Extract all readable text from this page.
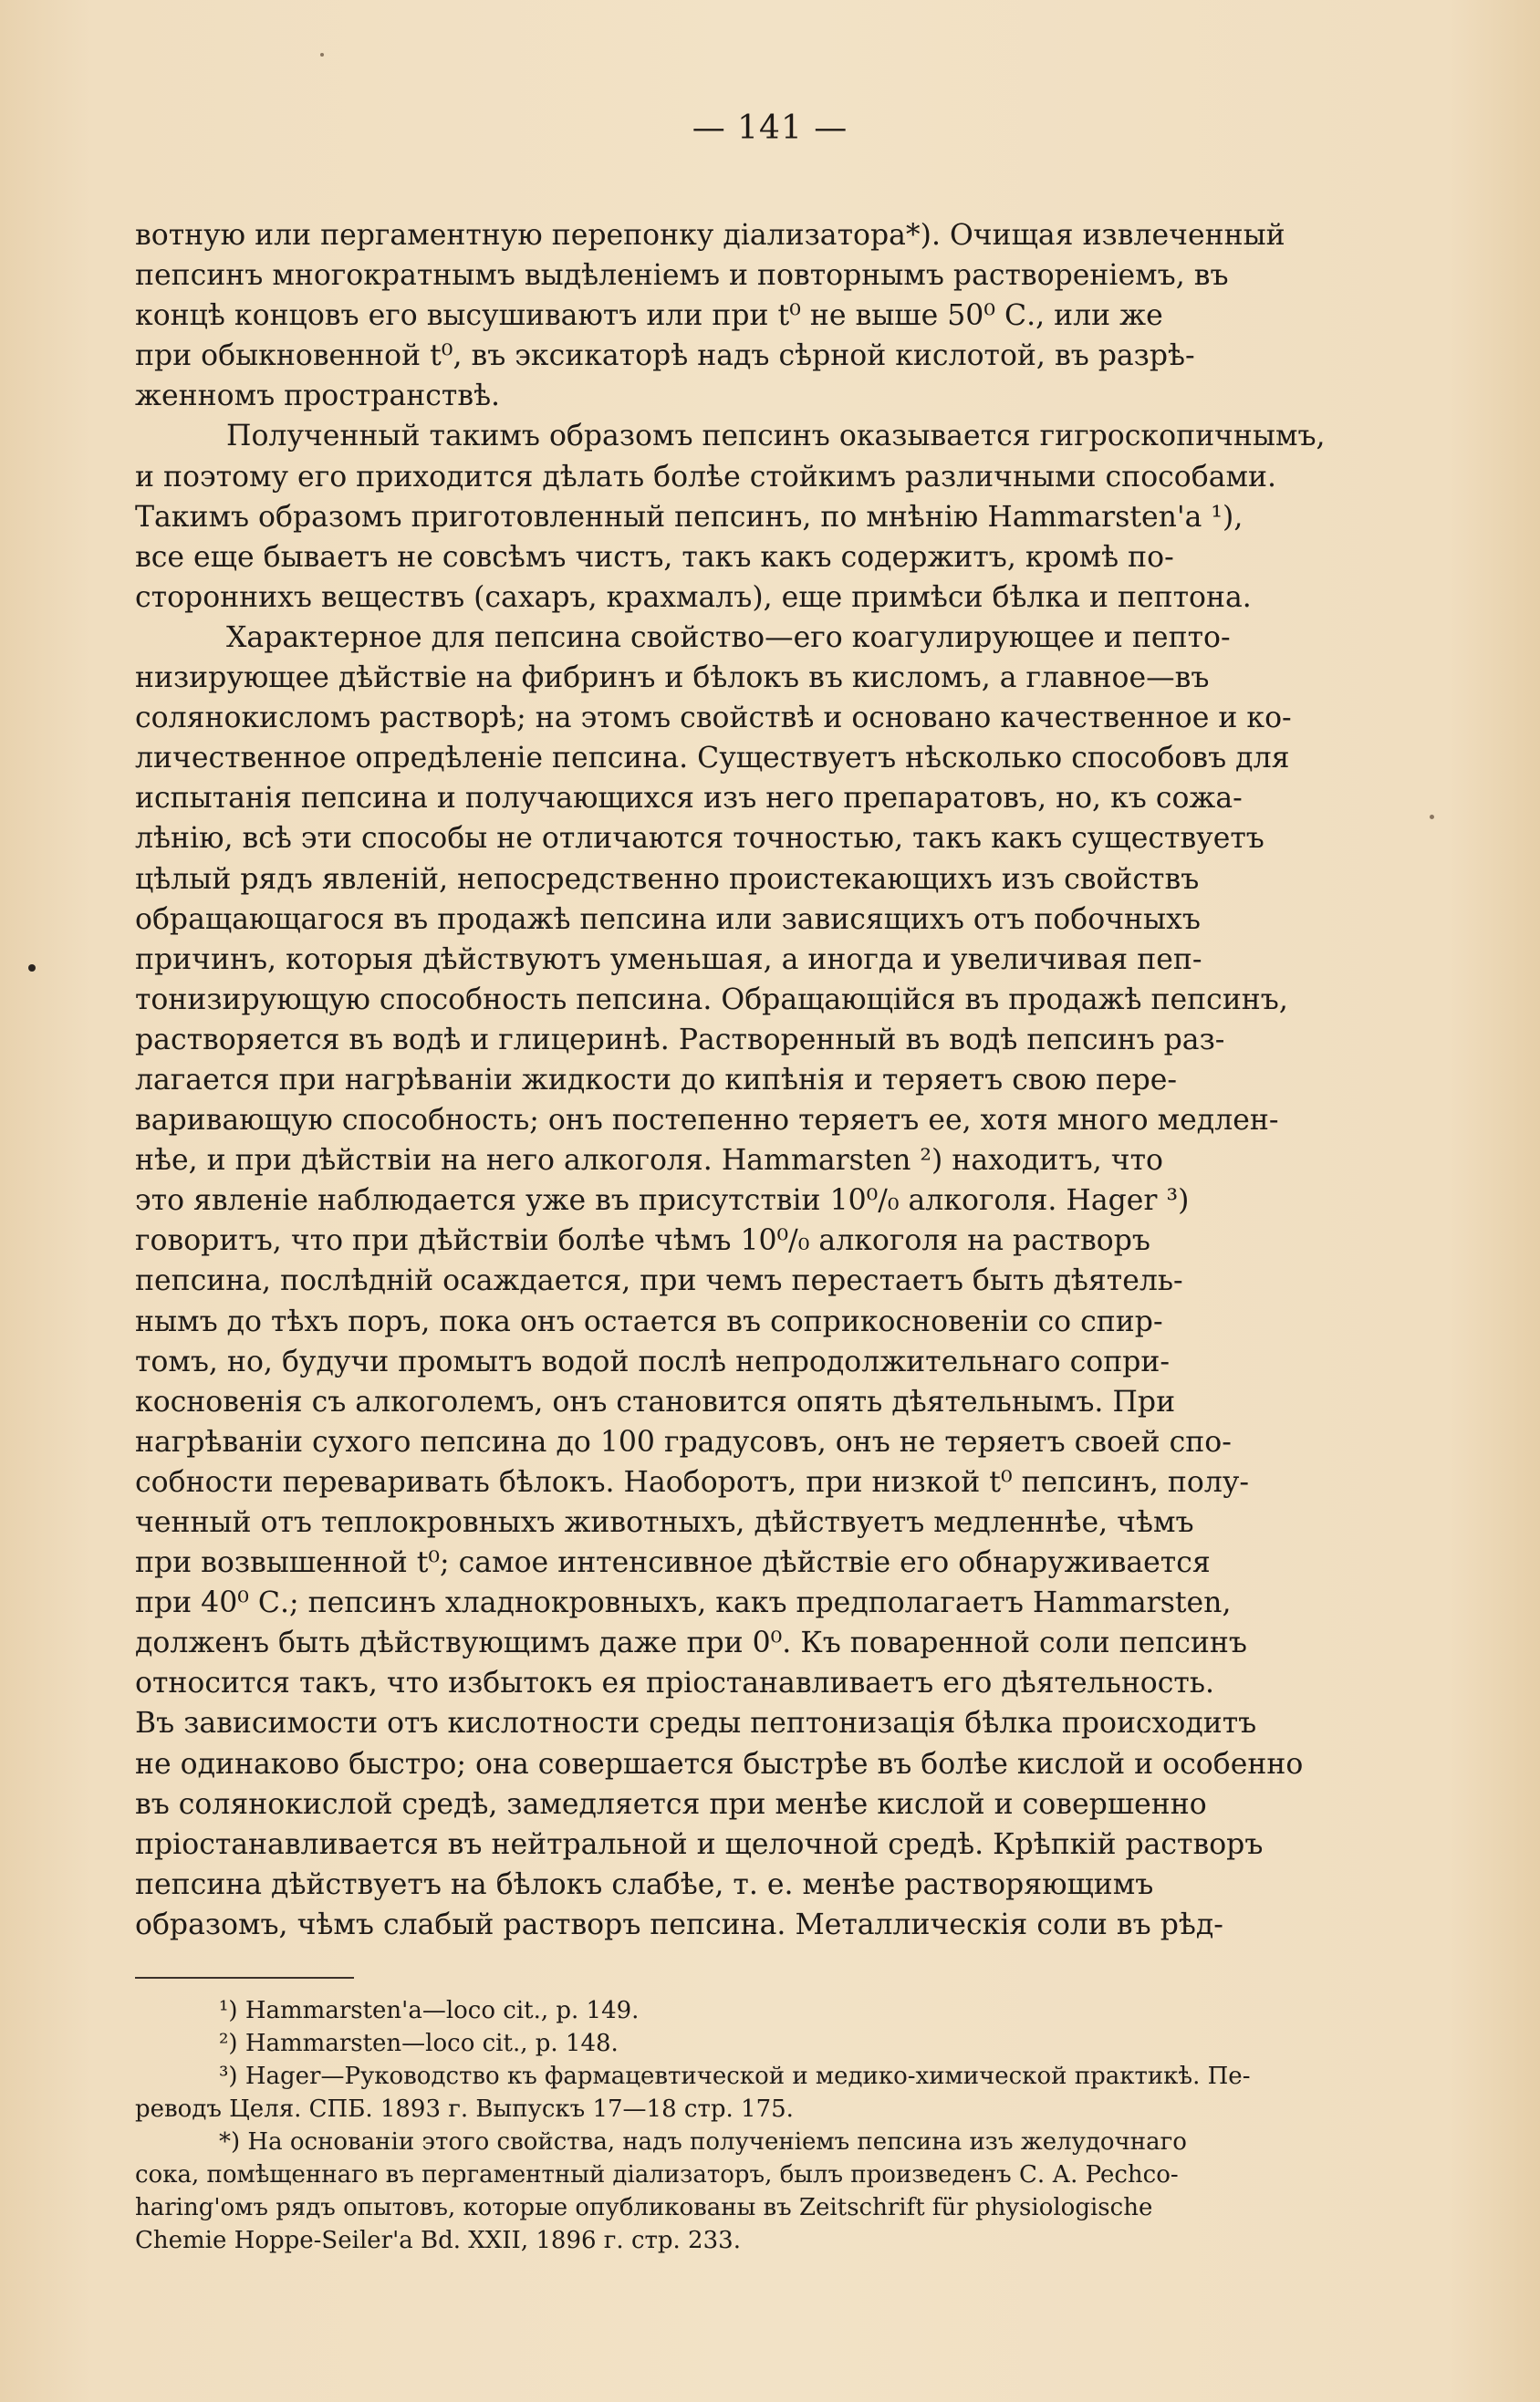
— 141 —
вотную или пергаментную перепонку діализатора*). Очищая извлеченный
пепсинъ многократнымъ выдѣленіемъ и повторнымъ раствореніемъ, въ
концѣ концовъ его высушиваютъ или при t⁰ не выше 50⁰ С., или же
при обыкновенной t⁰, въ эксикаторѣ надъ сѣрной кислотой, въ разрѣ-
женномъ пространствѣ.
Полученный такимъ образомъ пепсинъ оказывается гигроскопичнымъ,
и поэтому его приходится дѣлать болѣе стойкимъ различными способами.
Такимъ образомъ приготовленный пепсинъ, по мнѣнію Hammarsten'а ¹),
все еще бываетъ не совсѣмъ чистъ, такъ какъ содержитъ, кромѣ по-
стороннихъ веществъ (сахаръ, крахмалъ), еще примѣси бѣлка и пептона.
Характерное для пепсина свойство—его коагулирующее и пепто-
низирующее дѣйствіе на фибринъ и бѣлокъ въ кисломъ, а главное—въ
солянокисломъ растворѣ; на этомъ свойствѣ и основано качественное и ко-
личественное опредѣленіе пепсина. Существуетъ нѣсколько способовъ для
испытанія пепсина и получающихся изъ него препаратовъ, но, къ сожа-
лѣнію, всѣ эти способы не отличаются точностью, такъ какъ существуетъ
цѣлый рядъ явленій, непосредственно проистекающихъ изъ свойствъ
обращающагося въ продажѣ пепсина или зависящихъ отъ побочныхъ
причинъ, которыя дѣйствуютъ уменьшая, а иногда и увеличивая пеп-
тонизирующую способность пепсина. Обращающійся въ продажѣ пепсинъ,
растворяется въ водѣ и глицеринѣ. Растворенный въ водѣ пепсинъ раз-
лагается при нагрѣваніи жидкости до кипѣнія и теряетъ свою пере-
варивающую способность; онъ постепенно теряетъ ее, хотя много медлен-
нѣе, и при дѣйствіи на него алкоголя. Hammarsten ²) находитъ, что
это явленіе наблюдается уже въ присутствіи 10⁰/₀ алкоголя. Hager ³)
говоритъ, что при дѣйствіи болѣе чѣмъ 10⁰/₀ алкоголя на растворъ
пепсина, послѣдній осаждается, при чемъ перестаетъ быть дѣятель-
нымъ до тѣхъ поръ, пока онъ остается въ соприкосновеніи со спир-
томъ, но, будучи промытъ водой послѣ непродолжительнаго сопри-
косновенія съ алкоголемъ, онъ становится опять дѣятельнымъ. При
нагрѣваніи сухого пепсина до 100 градусовъ, онъ не теряетъ своей спо-
собности переваривать бѣлокъ. Наоборотъ, при низкой t⁰ пепсинъ, полу-
ченный отъ теплокровныхъ животныхъ, дѣйствуетъ медленнѣе, чѣмъ
при возвышенной t⁰; самое интенсивное дѣйствіе его обнаруживается
при 40⁰ С.; пепсинъ хладнокровныхъ, какъ предполагаетъ Hammarsten,
долженъ быть дѣйствующимъ даже при 0⁰. Къ поваренной соли пепсинъ
относится такъ, что избытокъ ея пріостанавливаетъ его дѣятельность.
Въ зависимости отъ кислотности среды пептонизація бѣлка происходитъ
не одинаково быстро; она совершается быстрѣе въ болѣе кислой и особенно
въ солянокислой средѣ, замедляется при менѣе кислой и совершенно
пріостанавливается въ нейтральной и щелочной средѣ. Крѣпкій растворъ
пепсина дѣйствуетъ на бѣлокъ слабѣе, т. е. менѣе растворяющимъ
образомъ, чѣмъ слабый растворъ пепсина. Металлическія соли въ рѣд-
¹) Hammarsten'а—loco cit., p. 149.
²) Hammarsten—loco cit., p. 148.
³) Hager—Руководство къ фармацевтической и медико-химической практикѣ. Пе-
реводъ Целя. СПБ. 1893 г. Выпускъ 17—18 стр. 175.
*) На основаніи этого свойства, надъ полученіемъ пепсина изъ желудочнаго
сока, помѣщеннаго въ пергаментный діализаторъ, былъ произведенъ С. А. Pechco-
haring'омъ рядъ опытовъ, которые опубликованы въ Zeitschrift für physiologische
Chemie Hoppe-Seiler'а Bd. XXII, 1896 г. стр. 233.
